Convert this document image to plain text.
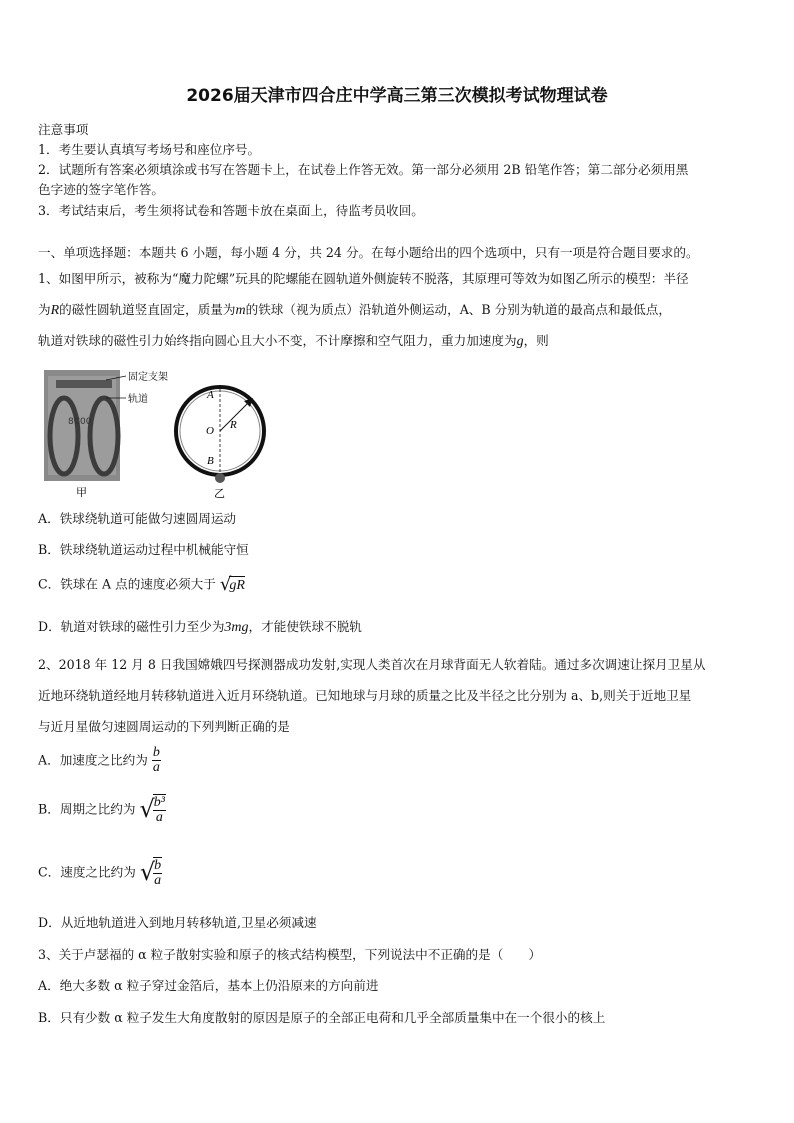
2026届天津市四合庄中学高三第三次模拟考试物理试卷
注意事项
1．考生要认真填写考场号和座位序号。
2．试题所有答案必须填涂或书写在答题卡上，在试卷上作答无效。第一部分必须用 2B 铅笔作答；第二部分必须用黑
色字迹的签字笔作答。
3．考试结束后，考生须将试卷和答题卡放在桌面上，待监考员收回。
一、单项选择题：本题共 6 小题，每小题 4 分，共 24 分。在每小题给出的四个选项中，只有一项是符合题目要求的。
1、如图甲所示，被称为“魔力陀螺”玩具的陀螺能在圆轨道外侧旋转不脱落，其原理可等效为如图乙所示的模型：半径
为R的磁性圆轨道竖直固定，质量为m的铁球（视为质点）沿轨道外侧运动，A、B 分别为轨道的最高点和最低点，
轨道对铁球的磁性引力始终指向圆心且大小不变，不计摩擦和空气阻力，重力加速度为g，则
8C00
固定支架
轨道	A
O
B
R
甲	乙
A．铁球绕轨道可能做匀速圆周运动
B．铁球绕轨道运动过程中机械能守恒
C．铁球在 A 点的速度必须大于 √
gR
D．轨道对铁球的磁性引力至少为3mg，才能使铁球不脱轨
2、2018 年 12 月 8 日我国嫦娥四号探测器成功发射,实现人类首次在月球背面无人软着陆。通过多次调速让探月卫星从
近地环绕轨道经地月转移轨道进入近月环绕轨道。已知地球与月球的质量之比及半径之比分别为 a、b,则关于近地卫星
与近月星做匀速圆周运动的下列判断正确的是
A．加速度之比约为 $\frac{b}{a}$
B．周期之比约为 √
$\frac{\text{b³}}{a}$
C．速度之比约为 √
$\frac{b}{a}$
D．从近地轨道进入到地月转移轨道,卫星必须减速
3、关于卢瑟福的 α 粒子散射实验和原子的核式结构模型，下列说法中不正确的是（　　）
A．绝大多数 α 粒子穿过金箔后，基本上仍沿原来的方向前进
B．只有少数 α 粒子发生大角度散射的原因是原子的全部正电荷和几乎全部质量集中在一个很小的核上
